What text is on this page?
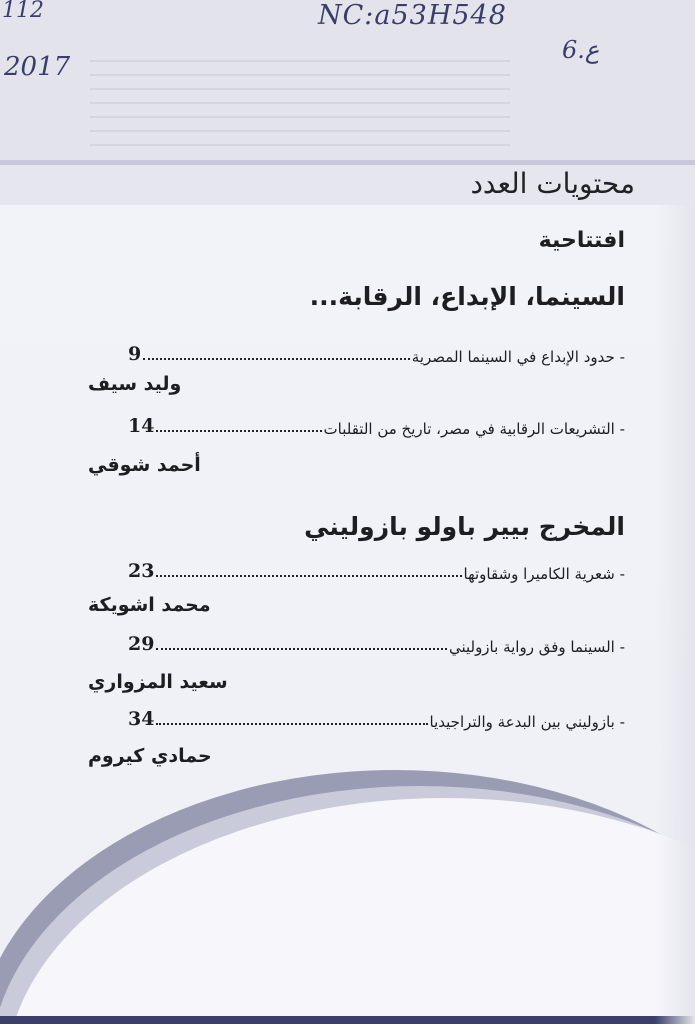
112	NC:a53H548
2017
6.ع
محتويات العدد
افتتاحية
السينما، الإبداع، الرقابة...
- حدود الإبداع في السينما المصرية
9
وليد سيف
- التشريعات الرقابية في مصر، تاريخ من التقلبات
14
أحمد شوقي
المخرج بيير باولو بازوليني
- شعرية الكاميرا وشقاوتها
23
محمد اشويكة
- السينما وفق رواية بازوليني
29
سعيد المزواري
- بازوليني بين البدعة والتراجيديا
34
حمادي كيروم
